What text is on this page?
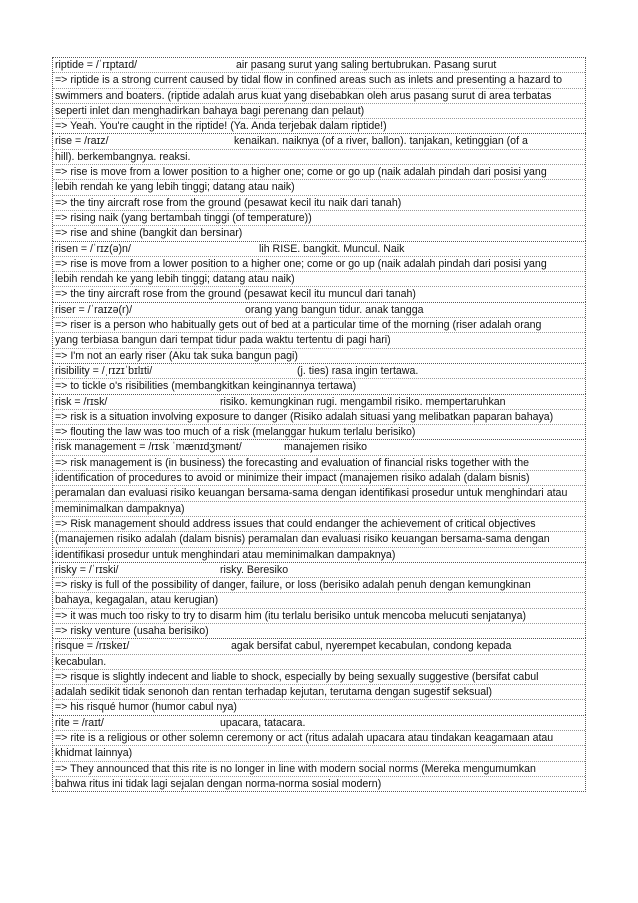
riptide = /ˈrɪptaɪd/	air pasang surut yang saling bertubrukan. Pasang surut
=> riptide is a strong current caused by tidal flow in confined areas such as inlets and presenting a hazard to
swimmers and boaters. (riptide adalah arus kuat yang disebabkan oleh arus pasang surut di area terbatas
seperti inlet dan menghadirkan bahaya bagi perenang dan pelaut)
=> Yeah. You're caught in the riptide! (Ya. Anda terjebak dalam riptide!)
rise = /raɪz/	kenaikan. naiknya (of a river, ballon). tanjakan, ketinggian (of a
hill). berkembangnya. reaksi.
=> rise is move from a lower position to a higher one; come or go up (naik adalah pindah dari posisi yang
lebih rendah ke yang lebih tinggi; datang atau naik)
=> the tiny aircraft rose from the ground (pesawat kecil itu naik dari tanah)
=> rising naik (yang bertambah tinggi (of temperature))
=> rise and shine (bangkit dan bersinar)
risen = /ˈrɪz(ə)n/	lih RISE. bangkit. Muncul. Naik
=> rise is move from a lower position to a higher one; come or go up (naik adalah pindah dari posisi yang
lebih rendah ke yang lebih tinggi; datang atau naik)
=> the tiny aircraft rose from the ground (pesawat kecil itu muncul dari tanah)
riser = /ˈraɪzə(r)/	orang yang bangun tidur. anak tangga
=> riser is a person who habitually gets out of bed at a particular time of the morning (riser adalah orang
yang terbiasa bangun dari tempat tidur pada waktu tertentu di pagi hari)
=> I'm not an early riser (Aku tak suka bangun pagi)
risibility = /ˌrɪzɪˈbɪlɪti/	(j. ties) rasa ingin tertawa.
=> to tickle o's risibilities (membangkitkan keinginannya tertawa)
risk = /rɪsk/	risiko. kemungkinan rugi. mengambil risiko. mempertaruhkan
=> risk is a situation involving exposure to danger (Risiko adalah situasi yang melibatkan paparan bahaya)
=> flouting the law was too much of a risk (melanggar hukum terlalu berisiko)
risk management = /rɪsk ˈmænɪdʒmənt/	manajemen risiko
=> risk management is (in business) the forecasting and evaluation of financial risks together with the
identification of procedures to avoid or minimize their impact (manajemen risiko adalah (dalam bisnis)
peramalan dan evaluasi risiko keuangan bersama-sama dengan identifikasi prosedur untuk menghindari atau
meminimalkan dampaknya)
=> Risk management should address issues that could endanger the achievement of critical objectives
(manajemen risiko adalah (dalam bisnis) peramalan dan evaluasi risiko keuangan bersama-sama dengan
identifikasi prosedur untuk menghindari atau meminimalkan dampaknya)
risky = /ˈrɪski/	risky. Beresiko
=> risky is full of the possibility of danger, failure, or loss (berisiko adalah penuh dengan kemungkinan
bahaya, kegagalan, atau kerugian)
=> it was much too risky to try to disarm him (itu terlalu berisiko untuk mencoba melucuti senjatanya)
=> risky venture (usaha berisiko)
risque = /rɪskeɪ/	agak bersifat cabul, nyerempet kecabulan, condong kepada
kecabulan.
=> risque is slightly indecent and liable to shock, especially by being sexually suggestive (bersifat cabul
adalah sedikit tidak senonoh dan rentan terhadap kejutan, terutama dengan sugestif seksual)
=> his risqué humor (humor cabul nya)
rite = /raɪt/	upacara, tatacara.
=> rite is a religious or other solemn ceremony or act (ritus adalah upacara atau tindakan keagamaan atau
khidmat lainnya)
=> They announced that this rite is no longer in line with modern social norms (Mereka mengumumkan
bahwa ritus ini tidak lagi sejalan dengan norma-norma sosial modern)
